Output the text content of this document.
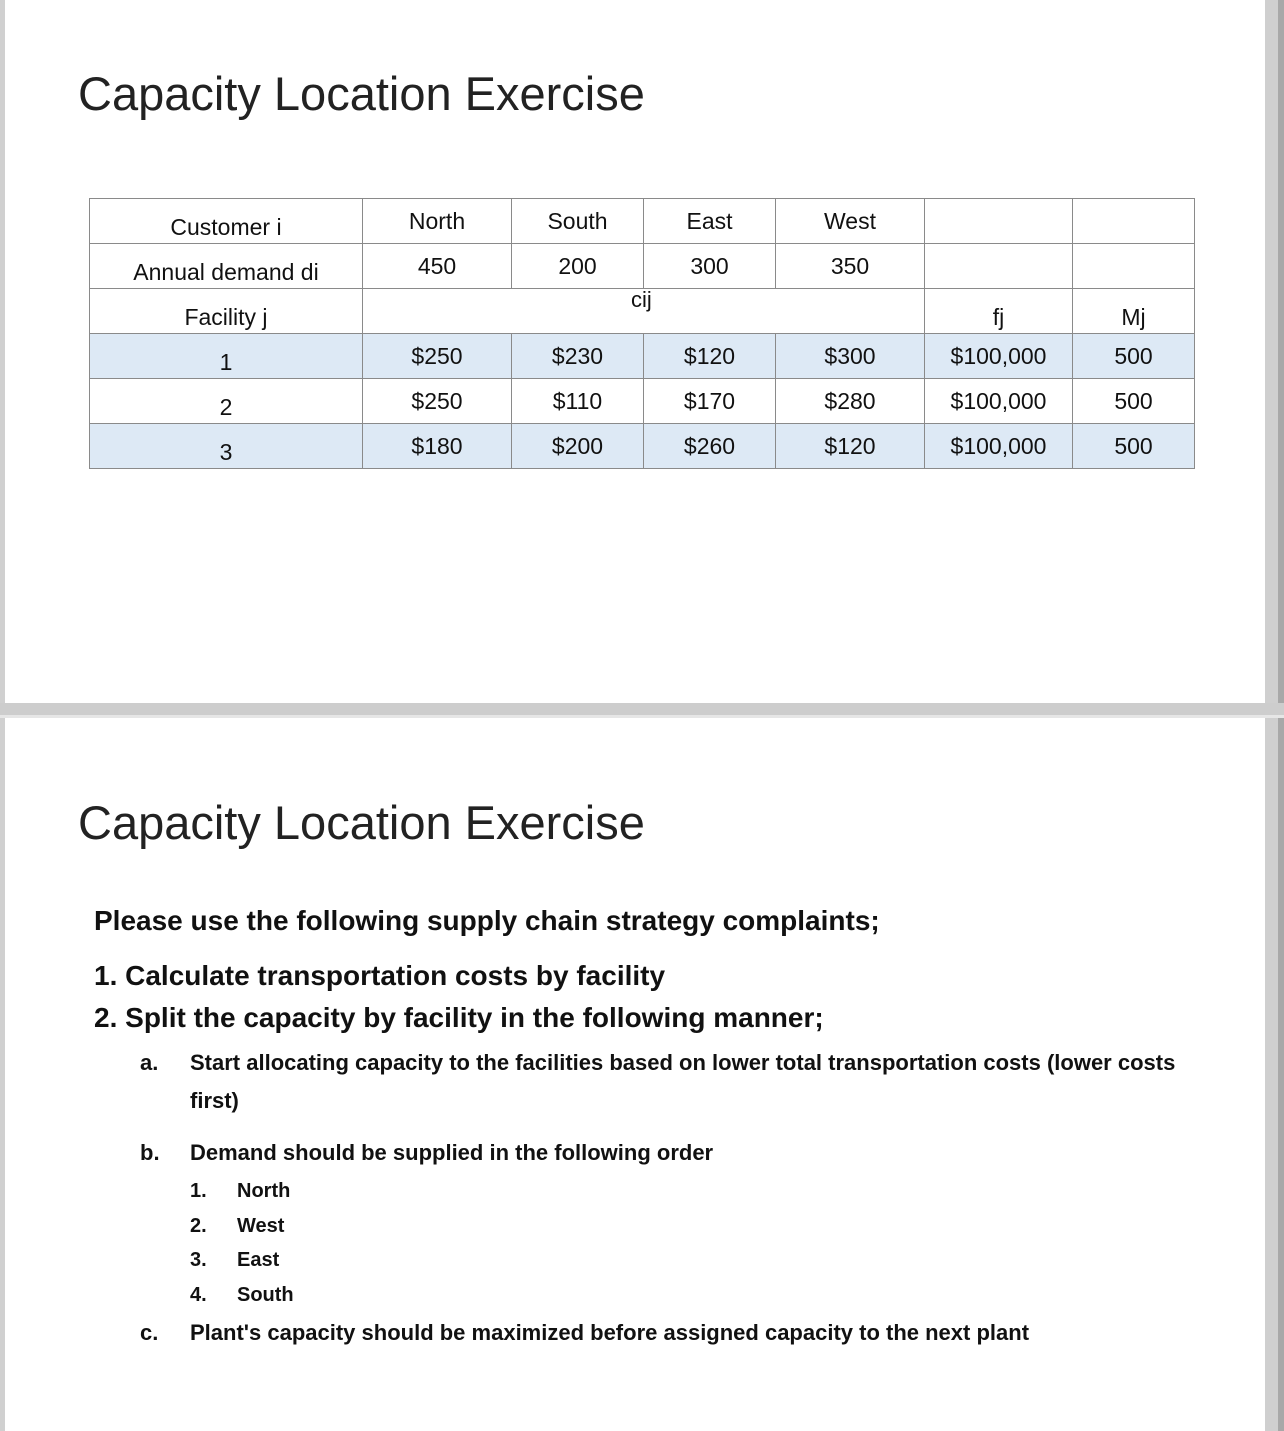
Capacity Location Exercise
Customer i	North	South	East	West		
Annual demand di	450	200	300	350		
Facility j	cij				fj	Mj
1	$250	$230	$120	$300	$100,000	500
2	$250	$110	$170	$280	$100,000	500
3	$180	$200	$260	$120	$100,000	500
Capacity Location Exercise

Please use the following supply chain strategy complaints;

1. Calculate transportation costs by facility
2. Split the capacity by facility in the following manner;
a.	Start allocating capacity to the facilities based on lower total transportation costs (lower costs first)
b.	Demand should be supplied in the following order
1.	North
2.	West
3.	East
4.	South
c.	Plant's capacity should be maximized before assigned capacity to the next plant
